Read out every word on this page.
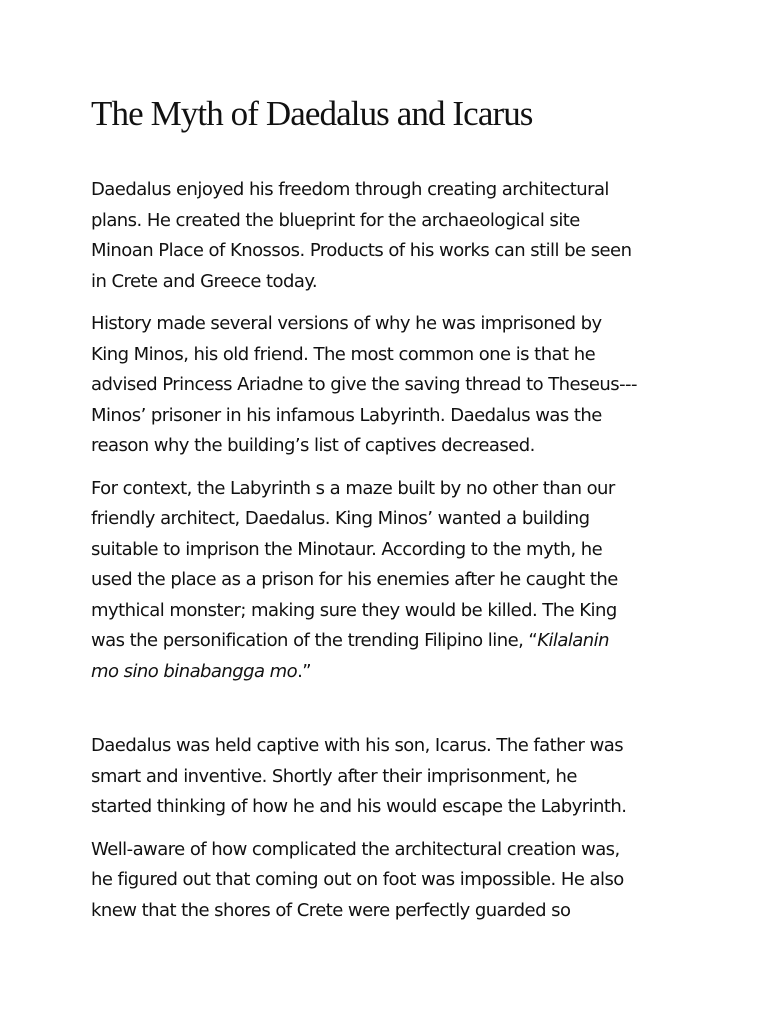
The Myth of Daedalus and Icarus

Daedalus enjoyed his freedom through creating architectural
plans. He created the blueprint for the archaeological site
Minoan Place of Knossos. Products of his works can still be seen
in Crete and Greece today.

History made several versions of why he was imprisoned by
King Minos, his old friend. The most common one is that he
advised Princess Ariadne to give the saving thread to Theseus---
Minos’ prisoner in his infamous Labyrinth. Daedalus was the
reason why the building’s list of captives decreased.

For context, the Labyrinth s a maze built by no other than our
friendly architect, Daedalus. King Minos’ wanted a building
suitable to imprison the Minotaur. According to the myth, he
used the place as a prison for his enemies after he caught the
mythical monster; making sure they would be killed. The King
was the personification of the trending Filipino line, “Kilalanin
mo sino binabangga mo.”

Daedalus was held captive with his son, Icarus. The father was
smart and inventive. Shortly after their imprisonment, he
started thinking of how he and his would escape the Labyrinth.

Well-aware of how complicated the architectural creation was,
he figured out that coming out on foot was impossible. He also
knew that the shores of Crete were perfectly guarded so
